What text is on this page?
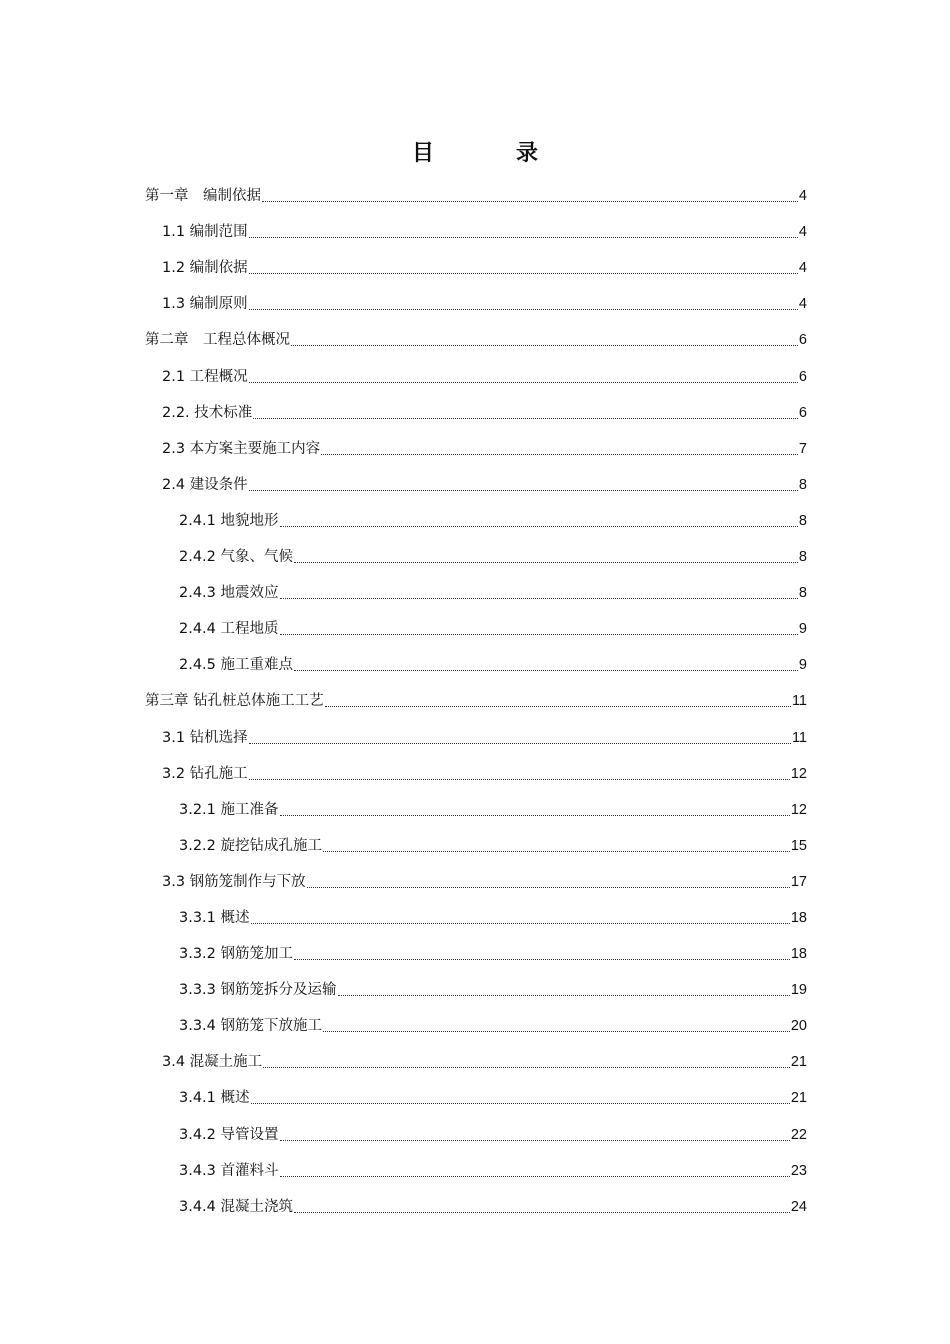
目录
第一章　编制依据	4
1.1 编制范围	4
1.2 编制依据	4
1.3 编制原则	4
第二章　工程总体概况	6
2.1 工程概况	6
2.2. 技术标准	6
2.3 本方案主要施工内容	7
2.4 建设条件	8
2.4.1 地貌地形	8
2.4.2 气象、气候	8
2.4.3 地震效应	8
2.4.4 工程地质	9
2.4.5 施工重难点	9
第三章 钻孔桩总体施工工艺	11
3.1 钻机选择	11
3.2 钻孔施工	12
3.2.1 施工准备	12
3.2.2 旋挖钻成孔施工	15
3.3 钢筋笼制作与下放	17
3.3.1 概述	18
3.3.2 钢筋笼加工	18
3.3.3 钢筋笼拆分及运输	19
3.3.4 钢筋笼下放施工	20
3.4 混凝土施工	21
3.4.1 概述	21
3.4.2 导管设置	22
3.4.3 首灌料斗	23
3.4.4 混凝土浇筑	24
